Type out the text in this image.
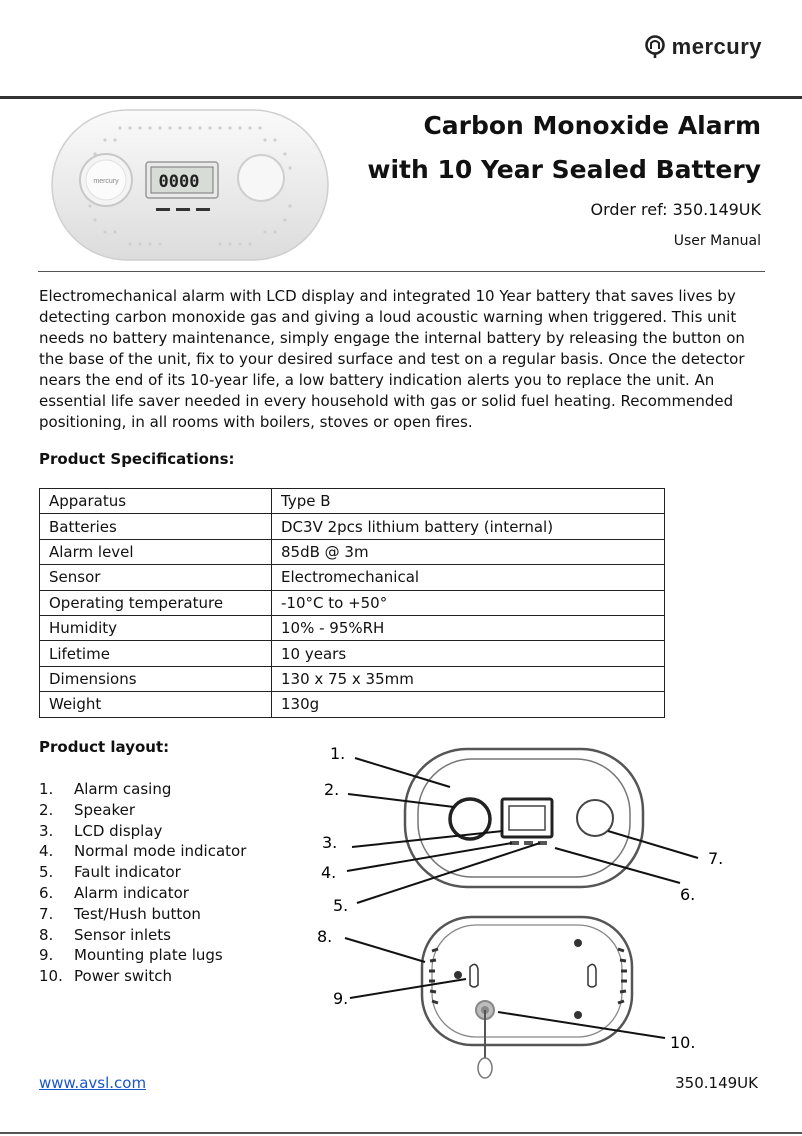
mercury
mercury 0000
Carbon Monoxide Alarm
with 10 Year Sealed Battery
Order ref: 350.149UK
User Manual

Electromechanical alarm with LCD display and integrated 10 Year battery that saves lives by detecting carbon monoxide gas and giving a loud acoustic warning when triggered. This unit needs no battery maintenance, simply engage the internal battery by releasing the button on the base of the unit, fix to your desired surface and test on a regular basis. Once the detector nears the end of its 10-year life, a low battery indication alerts you to replace the unit. An essential life saver needed in every household with gas or solid fuel heating. Recommended positioning, in all rooms with boilers, stoves or open fires.

Product Specifications:
Apparatus	Type B
Batteries	DC3V 2pcs lithium battery (internal)
Alarm level	85dB @ 3m
Sensor	Electromechanical
Operating temperature	-10°C to +50°
Humidity	10% - 95%RH
Lifetime	10 years
Dimensions	130 x 75 x 35mm
Weight	130g
Product layout:
1.	Alarm casing
2.	Speaker
3.	LCD display
4.	Normal mode indicator
5.	Fault indicator
6.	Alarm indicator
7.	Test/Hush button
8.	Sensor inlets
9.	Mounting plate lugs
10. Power switch
1.
2.
3.
4.
5.
6.
7.
8.
9.
10.
www.avsl.com	350.149UK
